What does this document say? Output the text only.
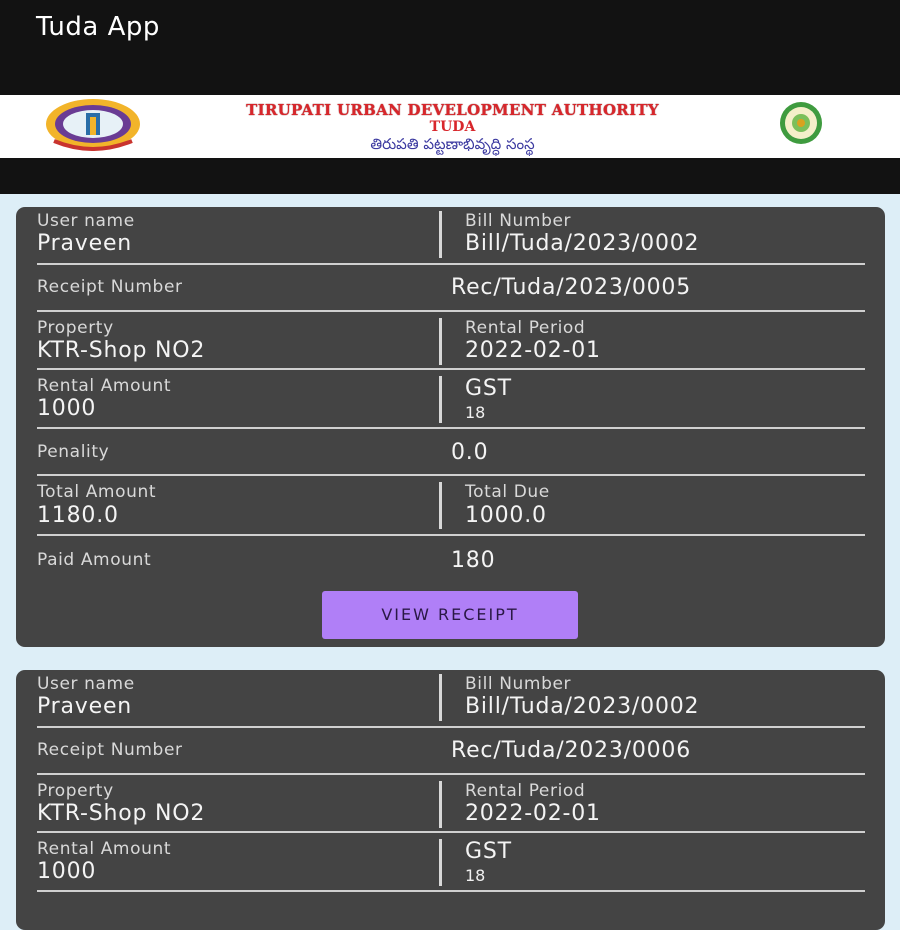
Tuda App
TIRUPATI URBAN DEVELOPMENT AUTHORITY
TUDA
తిరుపతి పట్టణాభివృద్ధి సంస్థ
User name
Praveen
Bill Number
Bill/Tuda/2023/0002
Receipt Number	Rec/Tuda/2023/0005
Property
KTR-Shop NO2
Rental Period
2022-02-01
Rental Amount
1000
GST
18
Penality	0.0
Total Amount
1180.0
Total Due
1000.0
Paid Amount	180
VIEW RECEIPT
User name
Praveen
Bill Number
Bill/Tuda/2023/0002
Receipt Number	Rec/Tuda/2023/0006
Property
KTR-Shop NO2
Rental Period
2022-02-01
Rental Amount
1000
GST
18
